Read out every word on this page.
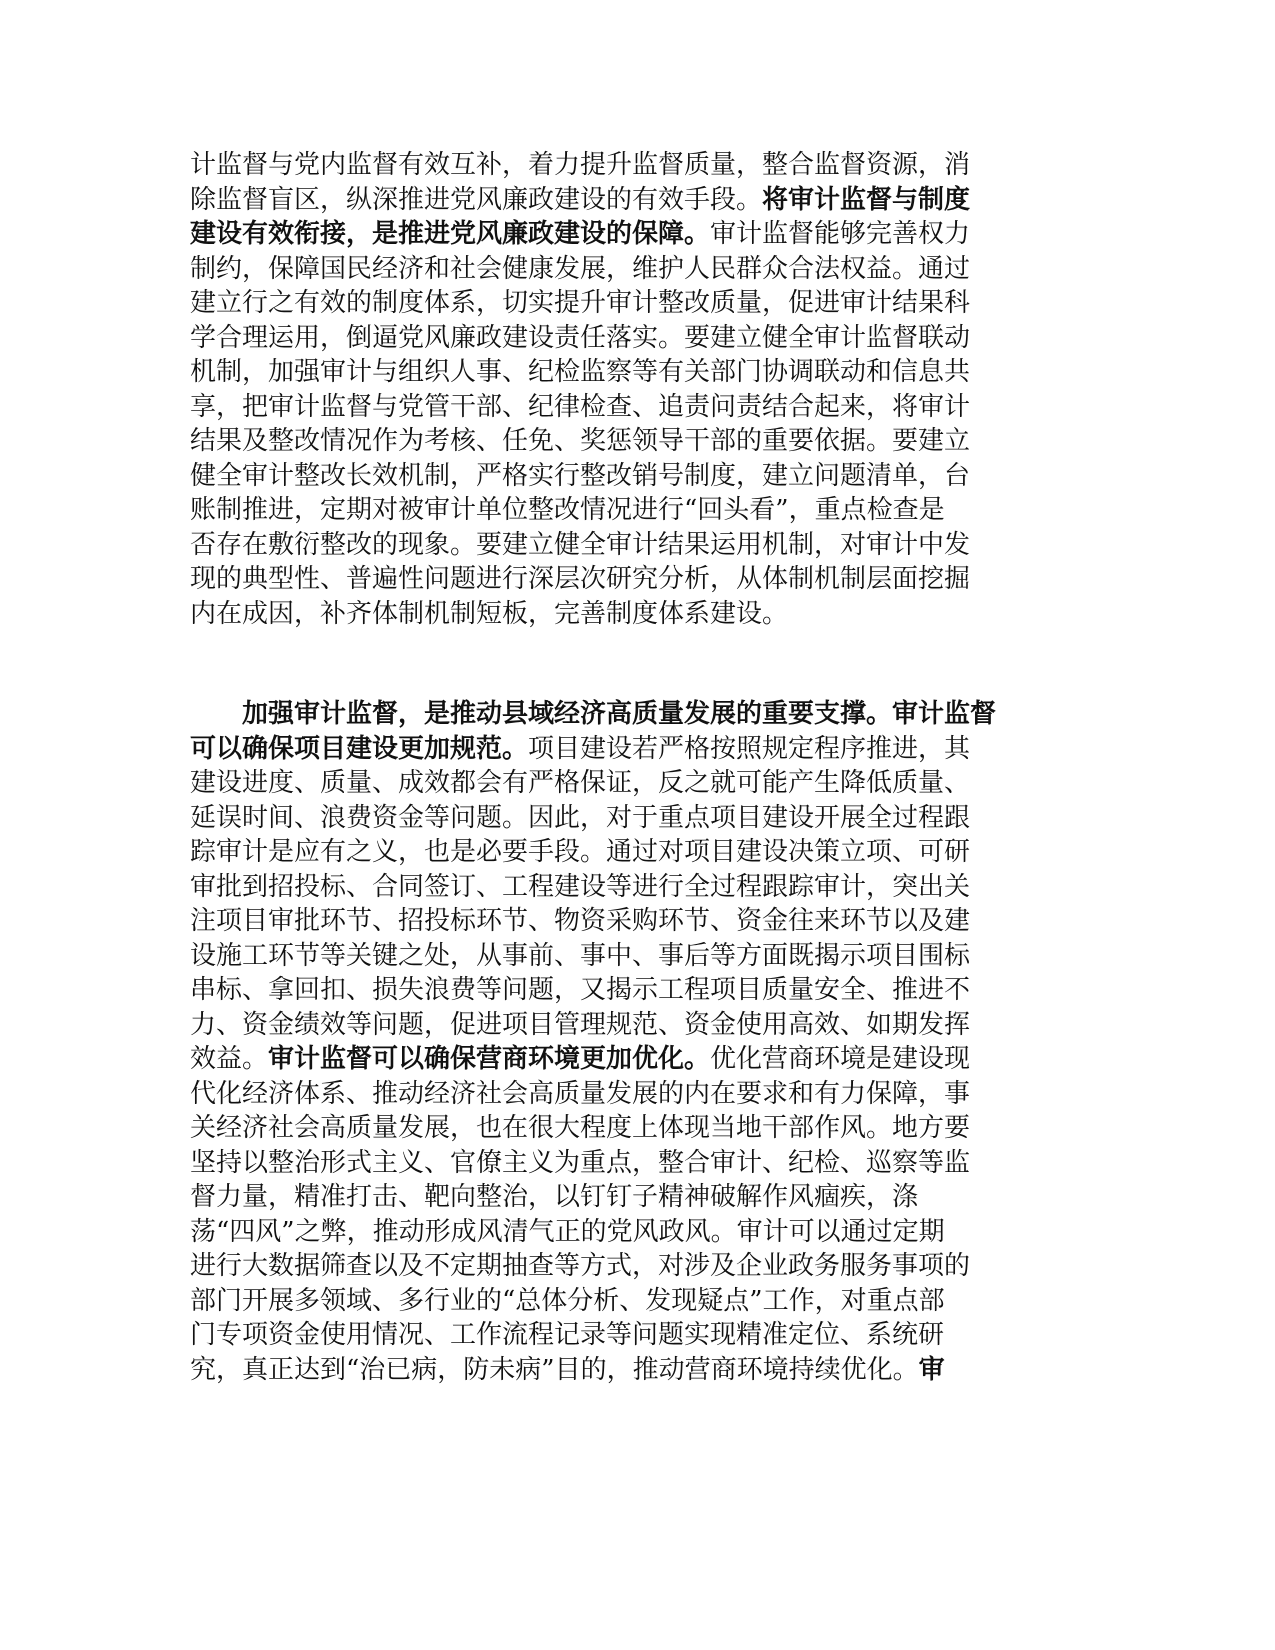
计监督与党内监督有效互补，着力提升监督质量，整合监督资源，消
除监督盲区，纵深推进党风廉政建设的有效手段。将审计监督与制度
建设有效衔接，是推进党风廉政建设的保障。审计监督能够完善权力
制约，保障国民经济和社会健康发展，维护人民群众合法权益。通过
建立行之有效的制度体系，切实提升审计整改质量，促进审计结果科
学合理运用，倒逼党风廉政建设责任落实。要建立健全审计监督联动
机制，加强审计与组织人事、纪检监察等有关部门协调联动和信息共
享，把审计监督与党管干部、纪律检查、追责问责结合起来，将审计
结果及整改情况作为考核、任免、奖惩领导干部的重要依据。要建立
健全审计整改长效机制，严格实行整改销号制度，建立问题清单，台
账制推进，定期对被审计单位整改情况进行“回头看”，重点检查是
否存在敷衍整改的现象。要建立健全审计结果运用机制，对审计中发
现的典型性、普遍性问题进行深层次研究分析，从体制机制层面挖掘
内在成因，补齐体制机制短板，完善制度体系建设。
　　加强审计监督，是推动县域经济高质量发展的重要支撑。审计监督
可以确保项目建设更加规范。项目建设若严格按照规定程序推进，其
建设进度、质量、成效都会有严格保证，反之就可能产生降低质量、
延误时间、浪费资金等问题。因此，对于重点项目建设开展全过程跟
踪审计是应有之义，也是必要手段。通过对项目建设决策立项、可研
审批到招投标、合同签订、工程建设等进行全过程跟踪审计，突出关
注项目审批环节、招投标环节、物资采购环节、资金往来环节以及建
设施工环节等关键之处，从事前、事中、事后等方面既揭示项目围标
串标、拿回扣、损失浪费等问题，又揭示工程项目质量安全、推进不
力、资金绩效等问题，促进项目管理规范、资金使用高效、如期发挥
效益。审计监督可以确保营商环境更加优化。优化营商环境是建设现
代化经济体系、推动经济社会高质量发展的内在要求和有力保障，事
关经济社会高质量发展，也在很大程度上体现当地干部作风。地方要
坚持以整治形式主义、官僚主义为重点，整合审计、纪检、巡察等监
督力量，精准打击、靶向整治，以钉钉子精神破解作风痼疾，涤
荡“四风”之弊，推动形成风清气正的党风政风。审计可以通过定期
进行大数据筛查以及不定期抽查等方式，对涉及企业政务服务事项的
部门开展多领域、多行业的“总体分析、发现疑点”工作，对重点部
门专项资金使用情况、工作流程记录等问题实现精准定位、系统研
究，真正达到“治已病，防未病”目的，推动营商环境持续优化。审
